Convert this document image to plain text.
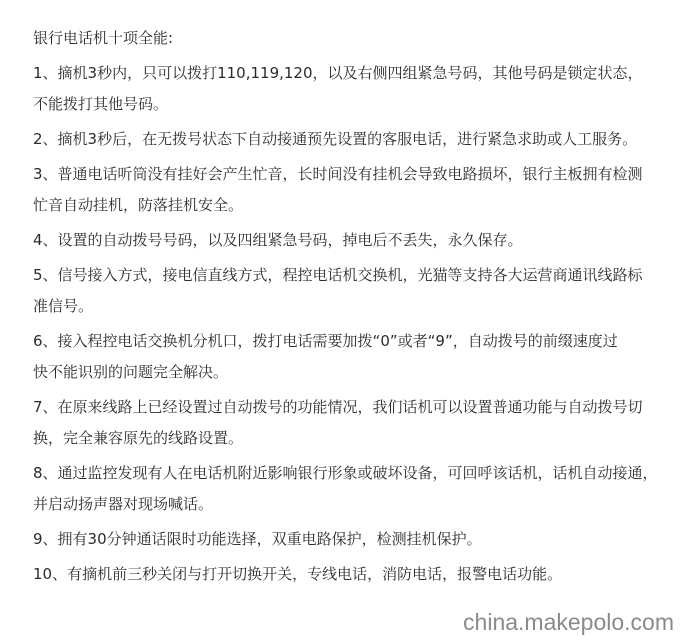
银行电话机十项全能:
1、摘机3秒内，只可以拨打110,119,120，以及右侧四组紧急号码，其他号码是锁定状态，
不能拨打其他号码。
2、摘机3秒后，在无拨号状态下自动接通预先设置的客服电话，进行紧急求助或人工服务。
3、普通电话听筒没有挂好会产生忙音，长时间没有挂机会导致电路损坏，银行主板拥有检测
忙音自动挂机，防落挂机安全。
4、设置的自动拨号号码，以及四组紧急号码，掉电后不丢失，永久保存。
5、信号接入方式，接电信直线方式，程控电话机交换机，光猫等支持各大运营商通讯线路标
准信号。
6、接入程控电话交换机分机口，拨打电话需要加拨“0”或者“9”，自动拨号的前缀速度过
快不能识别的问题完全解决。
7、在原来线路上已经设置过自动拨号的功能情况，我们话机可以设置普通功能与自动拨号切
换，完全兼容原先的线路设置。
8、通过监控发现有人在电话机附近影响银行形象或破坏设备，可回呼该话机，话机自动接通，
并启动扬声器对现场喊话。
9、拥有30分钟通话限时功能选择，双重电路保护，检测挂机保护。
10、有摘机前三秒关闭与打开切换开关，专线电话，消防电话，报警电话功能。
china.makepolo.com
